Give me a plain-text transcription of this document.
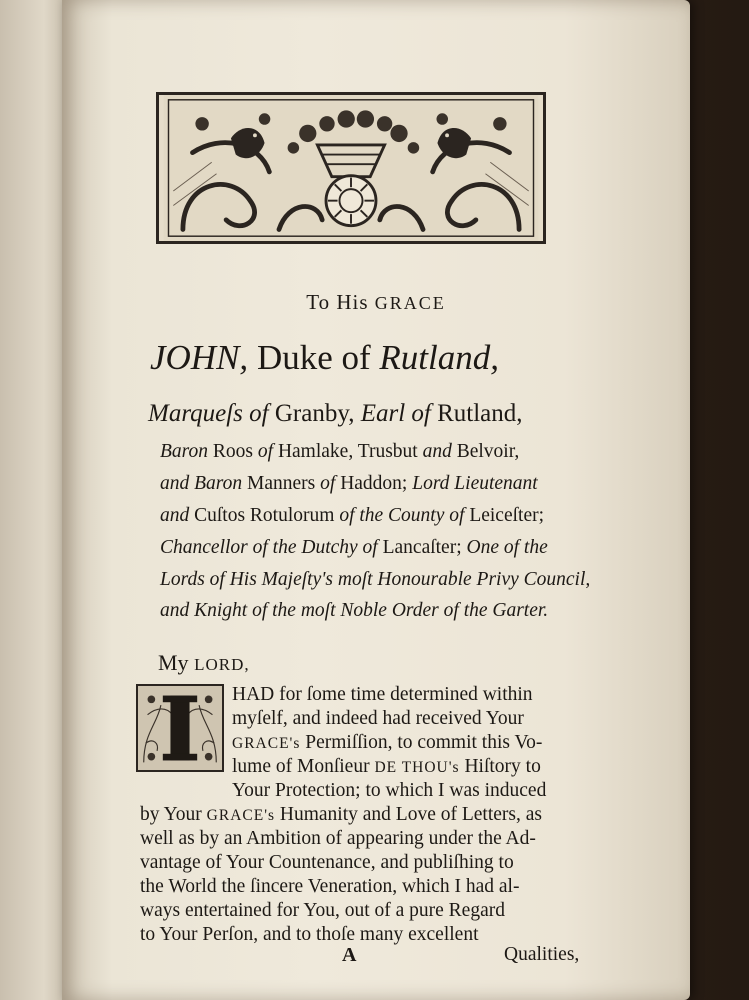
To His GRACE
JOHN, Duke of Rutland,
Marqueſs of Granby, Earl of Rutland,
Baron Roos of Hamlake, Trusbut and Belvoir,
and Baron Manners of Haddon; Lord Lieutenant
and Cuſtos Rotulorum of the County of Leiceſter;
Chancellor of the Dutchy of Lancaſter; One of the
Lords of His Majeſty's moſt Honourable Privy Council,
and Knight of the moſt Noble Order of the Garter.
My LORD,
HAD for ſome time determined within
myſelf, and indeed had received Your
GRACE's Permiſſion, to commit this Vo-
lume of Monſieur DE THOU's Hiſtory to
Your Protection; to which I was induced
by Your GRACE's Humanity and Love of Letters, as
well as by an Ambition of appearing under the Ad-
vantage of Your Countenance, and publiſhing to
the World the ſincere Veneration, which I had al-
ways entertained for You, out of a pure Regard
to Your Perſon, and to thoſe many excellent
A	Qualities,
